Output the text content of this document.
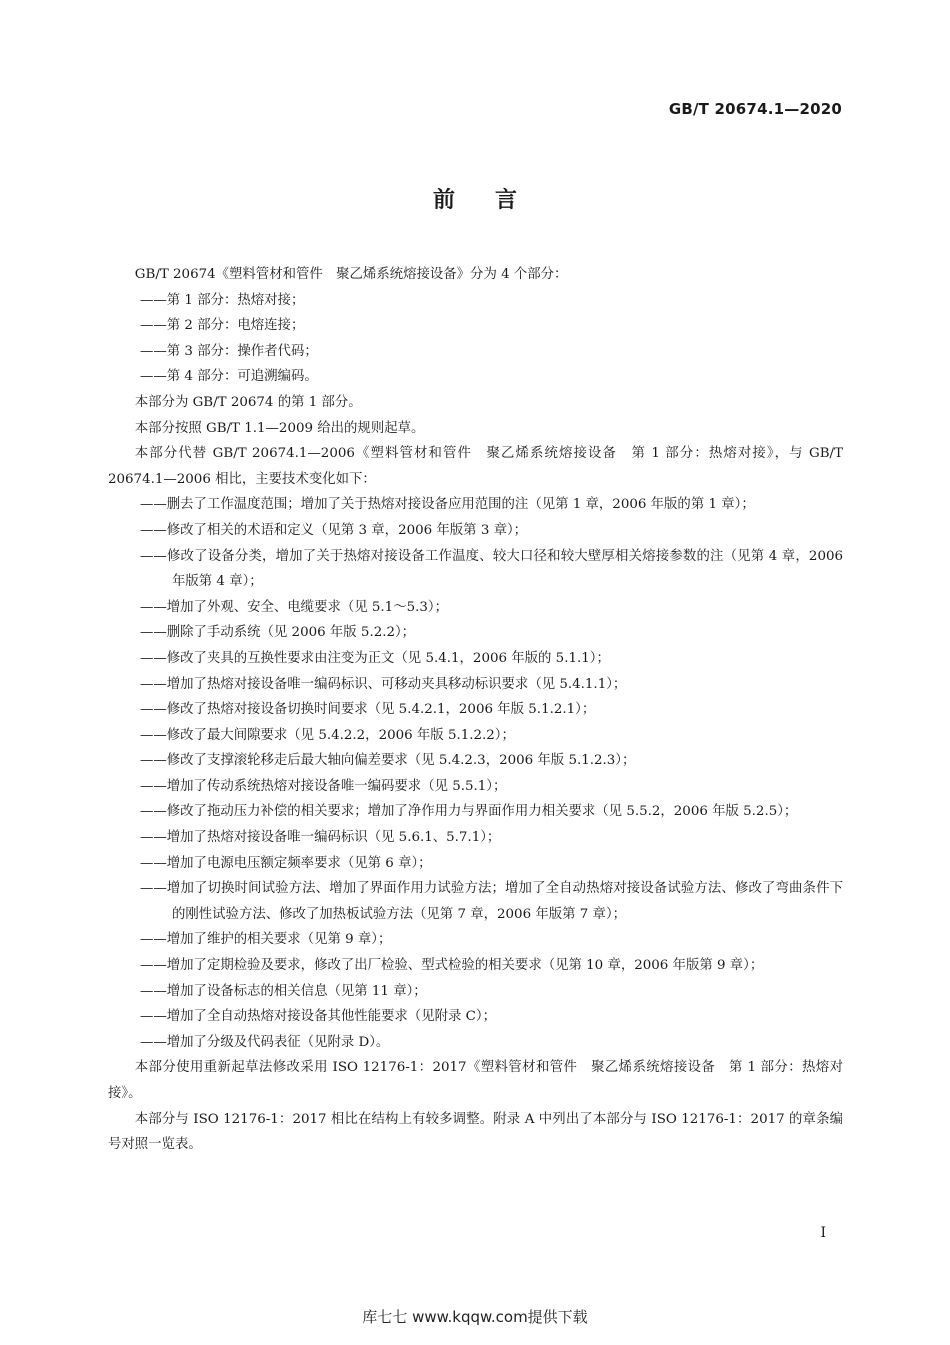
GB/T 20674.1—2020
前言

GB/T 20674《塑料管材和管件　聚乙烯系统熔接设备》分为 4 个部分：

——第 1 部分：热熔对接；

——第 2 部分：电熔连接；

——第 3 部分：操作者代码；

——第 4 部分：可追溯编码。

本部分为 GB/T 20674 的第 1 部分。

本部分按照 GB/T 1.1—2009 给出的规则起草。

本部分代替 GB/T 20674.1—2006《塑料管材和管件　聚乙烯系统熔接设备　第 1 部分：热熔对接》，与 GB/T 20674.1—2006 相比，主要技术变化如下：

——删去了工作温度范围；增加了关于热熔对接设备应用范围的注（见第 1 章，2006 年版的第 1 章）；

——修改了相关的术语和定义（见第 3 章，2006 年版第 3 章）；

——修改了设备分类，增加了关于热熔对接设备工作温度、较大口径和较大壁厚相关熔接参数的注（见第 4 章，2006 年版第 4 章）；

——增加了外观、安全、电缆要求（见 5.1～5.3）；

——删除了手动系统（见 2006 年版 5.2.2）；

——修改了夹具的互换性要求由注变为正文（见 5.4.1，2006 年版的 5.1.1）；

——增加了热熔对接设备唯一编码标识、可移动夹具移动标识要求（见 5.4.1.1）；

——修改了热熔对接设备切换时间要求（见 5.4.2.1，2006 年版 5.1.2.1）；

——修改了最大间隙要求（见 5.4.2.2，2006 年版 5.1.2.2）；

——修改了支撑滚轮移走后最大轴向偏差要求（见 5.4.2.3，2006 年版 5.1.2.3）；

——增加了传动系统热熔对接设备唯一编码要求（见 5.5.1）；

——修改了拖动压力补偿的相关要求；增加了净作用力与界面作用力相关要求（见 5.5.2，2006 年版 5.2.5）；

——增加了热熔对接设备唯一编码标识（见 5.6.1、5.7.1）；

——增加了电源电压额定频率要求（见第 6 章）；

——增加了切换时间试验方法、增加了界面作用力试验方法；增加了全自动热熔对接设备试验方法、修改了弯曲条件下的刚性试验方法、修改了加热板试验方法（见第 7 章，2006 年版第 7 章）；

——增加了维护的相关要求（见第 9 章）；

——增加了定期检验及要求，修改了出厂检验、型式检验的相关要求（见第 10 章，2006 年版第 9 章）；

——增加了设备标志的相关信息（见第 11 章）；

——增加了全自动热熔对接设备其他性能要求（见附录 C）；

——增加了分级及代码表征（见附录 D）。

本部分使用重新起草法修改采用 ISO 12176-1：2017《塑料管材和管件　聚乙烯系统熔接设备　第 1 部分：热熔对接》。

本部分与 ISO 12176-1：2017 相比在结构上有较多调整。附录 A 中列出了本部分与 ISO 12176-1：2017 的章条编号对照一览表。

I
库七七 www.kqqw.com提供下载
